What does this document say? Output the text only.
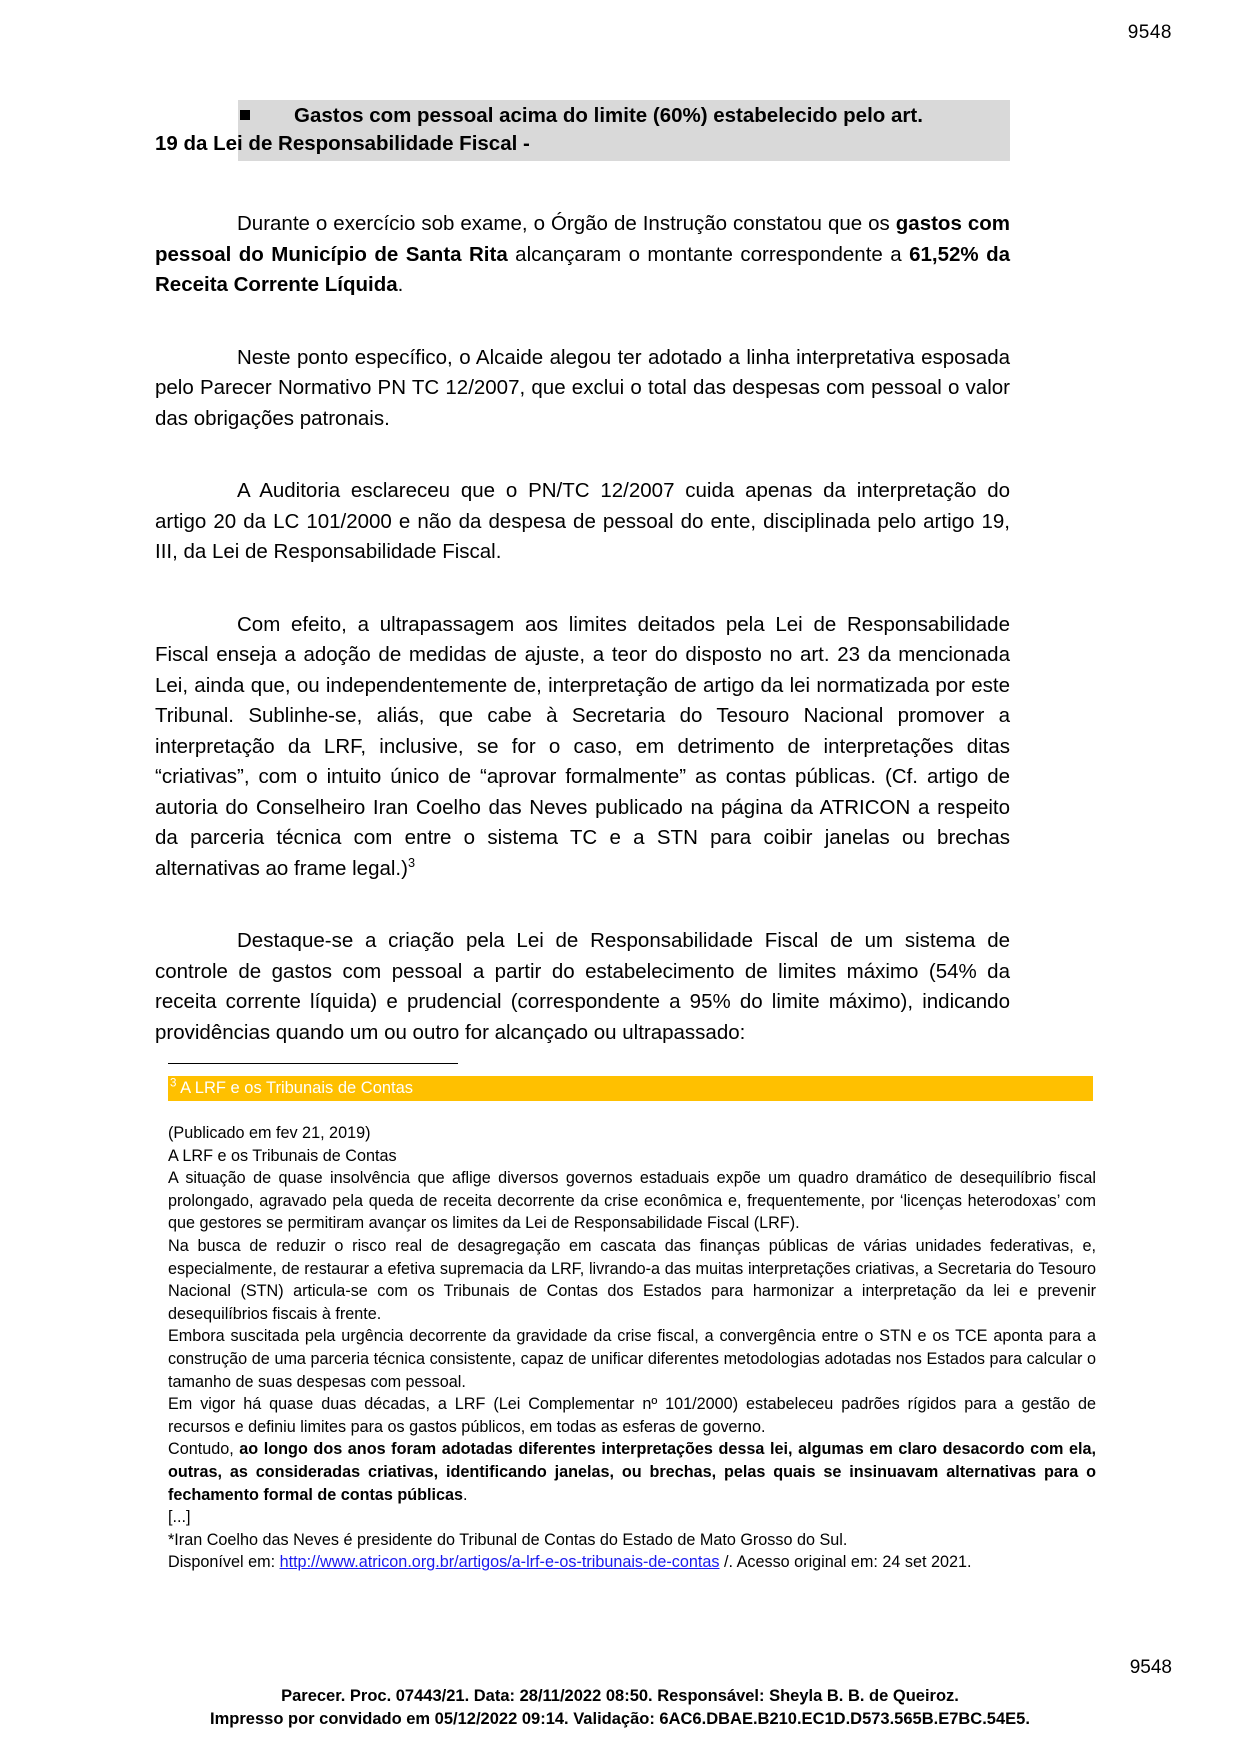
9548
Gastos com pessoal acima do limite (60%) estabelecido pelo art.
19 da Lei de Responsabilidade Fiscal -

Durante o exercício sob exame, o Órgão de Instrução constatou que os gastos com pessoal do Município de Santa Rita alcançaram o montante correspondente a 61,52% da Receita Corrente Líquida.

Neste ponto específico, o Alcaide alegou ter adotado a linha interpretativa esposada pelo Parecer Normativo PN TC 12/2007, que exclui o total das despesas com pessoal o valor das obrigações patronais.

A Auditoria esclareceu que o PN/TC 12/2007 cuida apenas da interpretação do artigo 20 da LC 101/2000 e não da despesa de pessoal do ente, disciplinada pelo artigo 19, III, da Lei de Responsabilidade Fiscal.

Com efeito, a ultrapassagem aos limites deitados pela Lei de Responsabilidade Fiscal enseja a adoção de medidas de ajuste, a teor do disposto no art. 23 da mencionada Lei, ainda que, ou independentemente de, interpretação de artigo da lei normatizada por este Tribunal. Sublinhe-se, aliás, que cabe à Secretaria do Tesouro Nacional promover a interpretação da LRF, inclusive, se for o caso, em detrimento de interpretações ditas “criativas”, com o intuito único de “aprovar formalmente” as contas públicas. (Cf. artigo de autoria do Conselheiro Iran Coelho das Neves publicado na página da ATRICON a respeito da parceria técnica com entre o sistema TC e a STN para coibir janelas ou brechas alternativas ao frame legal.)$^3$

Destaque-se a criação pela Lei de Responsabilidade Fiscal de um sistema de controle de gastos com pessoal a partir do estabelecimento de limites máximo (54% da receita corrente líquida) e prudencial (correspondente a 95% do limite máximo), indicando providências quando um ou outro for alcançado ou ultrapassado:

$^3$ A LRF e os Tribunais de Contas

(Publicado em fev 21, 2019)

A LRF e os Tribunais de Contas

A situação de quase insolvência que aflige diversos governos estaduais expõe um quadro dramático de desequilíbrio fiscal prolongado, agravado pela queda de receita decorrente da crise econômica e, frequentemente, por ‘licenças heterodoxas’ com que gestores se permitiram avançar os limites da Lei de Responsabilidade Fiscal (LRF).

Na busca de reduzir o risco real de desagregação em cascata das finanças públicas de várias unidades federativas, e, especialmente, de restaurar a efetiva supremacia da LRF, livrando-a das muitas interpretações criativas, a Secretaria do Tesouro Nacional (STN) articula-se com os Tribunais de Contas dos Estados para harmonizar a interpretação da lei e prevenir desequilíbrios fiscais à frente.

Embora suscitada pela urgência decorrente da gravidade da crise fiscal, a convergência entre o STN e os TCE aponta para a construção de uma parceria técnica consistente, capaz de unificar diferentes metodologias adotadas nos Estados para calcular o tamanho de suas despesas com pessoal.

Em vigor há quase duas décadas, a LRF (Lei Complementar nº 101/2000) estabeleceu padrões rígidos para a gestão de recursos e definiu limites para os gastos públicos, em todas as esferas de governo.

Contudo, ao longo dos anos foram adotadas diferentes interpretações dessa lei, algumas em claro desacordo com ela, outras, as consideradas criativas, identificando janelas, ou brechas, pelas quais se insinuavam alternativas para o fechamento formal de contas públicas.

[...]

*Iran Coelho das Neves é presidente do Tribunal de Contas do Estado de Mato Grosso do Sul.

Disponível em: http://www.atricon.org.br/artigos/a-lrf-e-os-tribunais-de-contas /. Acesso original em: 24 set 2021.

9548
Parecer. Proc. 07443/21. Data: 28/11/2022 08:50. Responsável: Sheyla B. B. de Queiroz.
Impresso por convidado em 05/12/2022 09:14. Validação: 6AC6.DBAE.B210.EC1D.D573.565B.E7BC.54E5.
